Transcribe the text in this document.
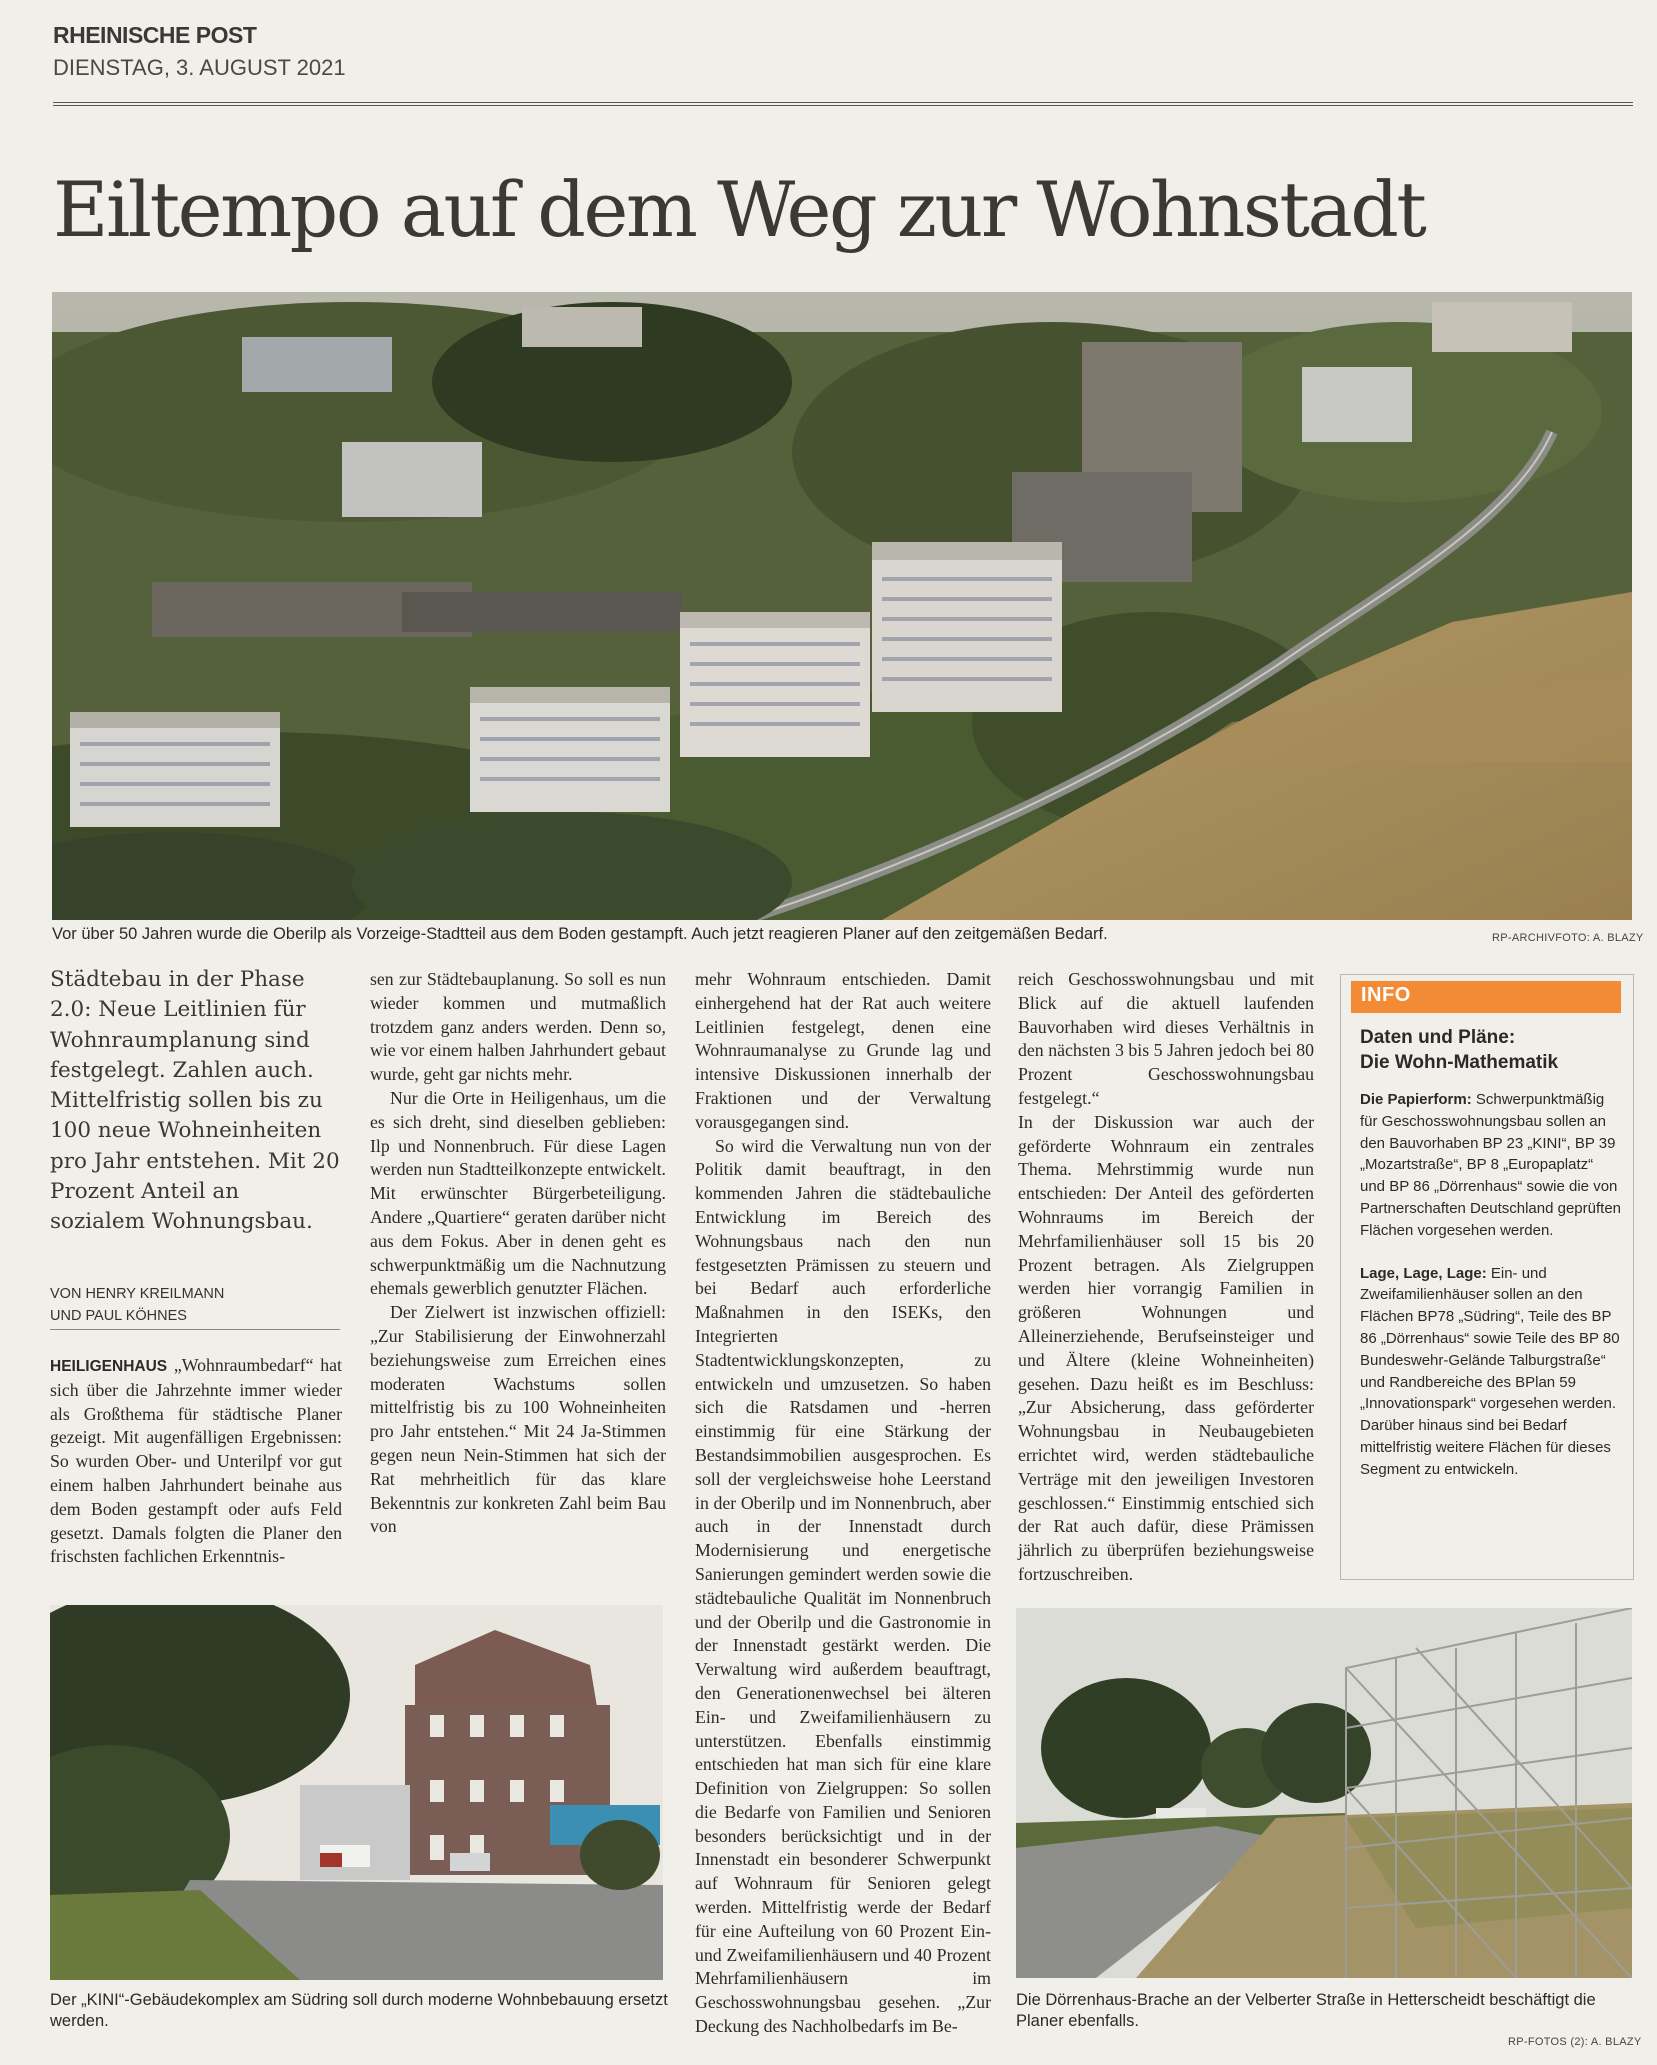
RHEINISCHE POST
DIENSTAG, 3. AUGUST 2021
Eiltempo auf dem Weg zur Wohnstadt
Vor über 50 Jahren wurde die Oberilp als Vorzeige-Stadtteil aus dem Boden gestampft. Auch jetzt reagieren Planer auf den zeitgemäßen Bedarf.	RP-ARCHIVFOTO: A. BLAZY
Städtebau in der Phase 2.0: Neue Leitlinien für Wohnraumplanung sind festgelegt. Zahlen auch. Mittelfristig sollen bis zu 100 neue Wohneinheiten pro Jahr entstehen. Mit 20 Prozent Anteil an sozialem Wohnungsbau.
VON HENRY KREILMANN
UND PAUL KÖHNES

HEILIGENHAUS „Wohnraumbedarf“ hat sich über die Jahrzehnte immer wieder als Großthema für städtische Planer gezeigt. Mit augenfälligen Ergebnissen: So wurden Ober- und Unterilpf vor gut einem halben Jahrhundert beinahe aus dem Boden gestampft oder aufs Feld gesetzt. Damals folgten die Planer den frischsten fachlichen Erkenntnis-

sen zur Städtebauplanung. So soll es nun wieder kommen und mutmaßlich trotzdem ganz anders werden. Denn so, wie vor einem halben Jahrhundert gebaut wurde, geht gar nichts mehr.

Nur die Orte in Heiligenhaus, um die es sich dreht, sind dieselben geblieben: Ilp und Nonnenbruch. Für diese Lagen werden nun Stadtteilkonzepte entwickelt. Mit erwünschter Bürgerbeteiligung. Andere „Quartiere“ geraten darüber nicht aus dem Fokus. Aber in denen geht es schwerpunktmäßig um die Nachnutzung ehemals gewerblich genutzter Flächen.

Der Zielwert ist inzwischen offiziell: „Zur Stabilisierung der Einwohnerzahl beziehungsweise zum Erreichen eines moderaten Wachstums sollen mittelfristig bis zu 100 Wohneinheiten pro Jahr entstehen.“ Mit 24 Ja-Stimmen gegen neun Nein-Stimmen hat sich der Rat mehrheitlich für das klare Bekenntnis zur konkreten Zahl beim Bau von

mehr Wohnraum entschieden. Damit einhergehend hat der Rat auch weitere Leitlinien festgelegt, denen eine Wohnraumanalyse zu Grunde lag und intensive Diskussionen innerhalb der Fraktionen und der Verwaltung vorausgegangen sind.

So wird die Verwaltung nun von der Politik damit beauftragt, in den kommenden Jahren die städtebauliche Entwicklung im Bereich des Wohnungsbaus nach den nun festgesetzten Prämissen zu steuern und bei Bedarf auch erforderliche Maßnahmen in den ISEKs, den Integrierten Stadtentwicklungskonzepten, zu entwickeln und umzusetzen. So haben sich die Ratsdamen und -herren einstimmig für eine Stärkung der Bestandsimmobilien ausgesprochen. Es soll der vergleichsweise hohe Leerstand in der Oberilp und im Nonnenbruch, aber auch in der Innenstadt durch Modernisierung und energetische Sanierungen gemindert werden sowie die städtebauliche Qualität im Nonnenbruch und der Oberilp und die Gastronomie in der Innenstadt gestärkt werden. Die Verwaltung wird außerdem beauftragt, den Generationenwechsel bei älteren Ein- und Zweifamilienhäusern zu unterstützen. Ebenfalls einstimmig entschieden hat man sich für eine klare Definition von Zielgruppen: So sollen die Bedarfe von Familien und Senioren besonders berücksichtigt und in der Innenstadt ein besonderer Schwerpunkt auf Wohnraum für Senioren gelegt werden. Mittelfristig werde der Bedarf für eine Aufteilung von 60 Prozent Ein- und Zweifamilienhäusern und 40 Prozent Mehrfamilienhäusern im Geschosswohnungsbau gesehen. „Zur Deckung des Nachholbedarfs im Be-

reich Geschosswohnungsbau und mit Blick auf die aktuell laufenden Bauvorhaben wird dieses Verhältnis in den nächsten 3 bis 5 Jahren jedoch bei 80 Prozent Geschosswohnungsbau festgelegt.“

In der Diskussion war auch der geförderte Wohnraum ein zentrales Thema. Mehrstimmig wurde nun entschieden: Der Anteil des geförderten Wohnraums im Bereich der Mehrfamilienhäuser soll 15 bis 20 Prozent betragen. Als Zielgruppen werden hier vorrangig Familien in größeren Wohnungen und Alleinerziehende, Berufseinsteiger und und Ältere (kleine Wohneinheiten) gesehen. Dazu heißt es im Beschluss: „Zur Absicherung, dass geförderter Wohnungsbau in Neubaugebieten errichtet wird, werden städtebauliche Verträge mit den jeweiligen Investoren geschlossen.“ Einstimmig entschied sich der Rat auch dafür, diese Prämissen jährlich zu überprüfen beziehungsweise fortzuschreiben.

INFO
Daten und Pläne:
Die Wohn-Mathematik

Die Papierform: Schwerpunktmäßig für Geschosswohnungsbau sollen an den Bauvorhaben BP 23 „KINI“, BP 39 „Mozartstraße“, BP 8 „Europaplatz“ und BP 86 „Dörrenhaus“ sowie die von Partnerschaften Deutschland geprüften Flächen vorgesehen werden.

Lage, Lage, Lage: Ein- und Zweifamilienhäuser sollen an den Flächen BP78 „Südring“, Teile des BP 86 „Dörrenhaus“ sowie Teile des BP 80 Bundeswehr-Gelände Talburgstraße“ und Randbereiche des BPlan 59 „Innovationspark“ vorgesehen werden. Darüber hinaus sind bei Bedarf mittelfristig weitere Flächen für dieses Segment zu entwickeln.

Der „KINI“-Gebäudekomplex am Südring soll durch moderne Wohnbebauung ersetzt werden.
Die Dörrenhaus-Brache an der Velberter Straße in Hetterscheidt beschäftigt die Planer ebenfalls.
RP-FOTOS (2): A. BLAZY
